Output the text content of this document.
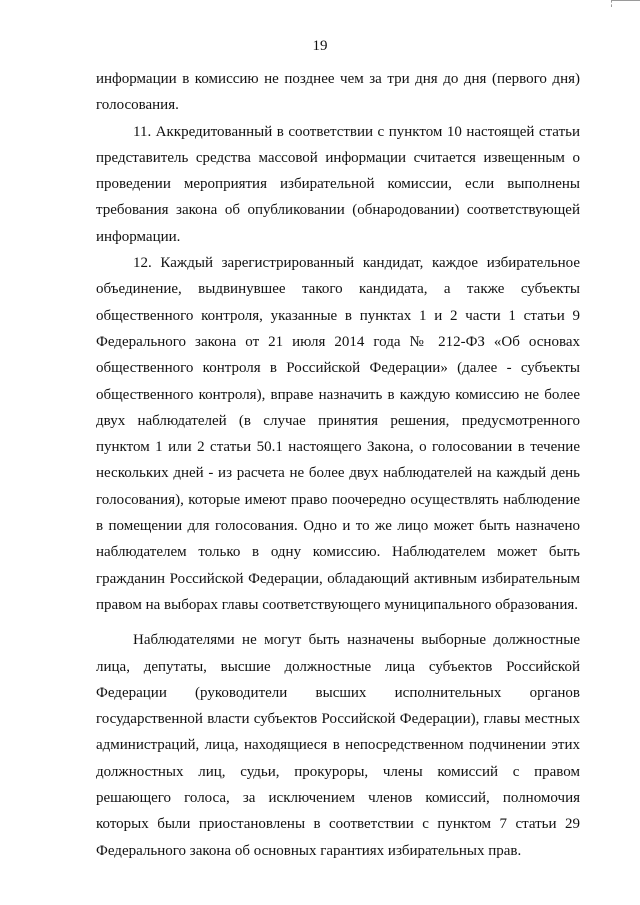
19

информации в комиссию не позднее чем за три дня до дня (первого дня) голосования.

11. Аккредитованный в соответствии с пунктом 10 настоящей статьи представитель средства массовой информации считается извещенным о проведении мероприятия избирательной комиссии, если выполнены требования закона об опубликовании (обнародовании) соответствующей информации.

12. Каждый зарегистрированный кандидат, каждое избирательное объединение, выдвинувшее такого кандидата, а также субъекты общественного контроля, указанные в пунктах 1 и 2 части 1 статьи 9 Федерального закона от 21 июля 2014 года № 212-ФЗ «Об основах общественного контроля в Российской Федерации» (далее - субъекты общественного контроля), вправе назначить в каждую комиссию не более двух наблюдателей (в случае принятия решения, предусмотренного пунктом 1 или 2 статьи 50.1 настоящего Закона, о голосовании в течение нескольких дней - из расчета не более двух наблюдателей на каждый день голосования), которые имеют право поочередно осуществлять наблюдение в помещении для голосования. Одно и то же лицо может быть назначено наблюдателем только в одну комиссию. Наблюдателем может быть гражданин Российской Федерации, обладающий активным избирательным правом на выборах главы соответствующего муниципального образования.

Наблюдателями не могут быть назначены выборные должностные лица, депутаты, высшие должностные лица субъектов Российской Федерации (руководители высших исполнительных органов государственной власти субъектов Российской Федерации), главы местных администраций, лица, находящиеся в непосредственном подчинении этих должностных лиц, судьи, прокуроры, члены комиссий с правом решающего голоса, за исключением членов комиссий, полномочия которых были приостановлены в соответствии с пунктом 7 статьи 29 Федерального закона об основных гарантиях избирательных прав.
